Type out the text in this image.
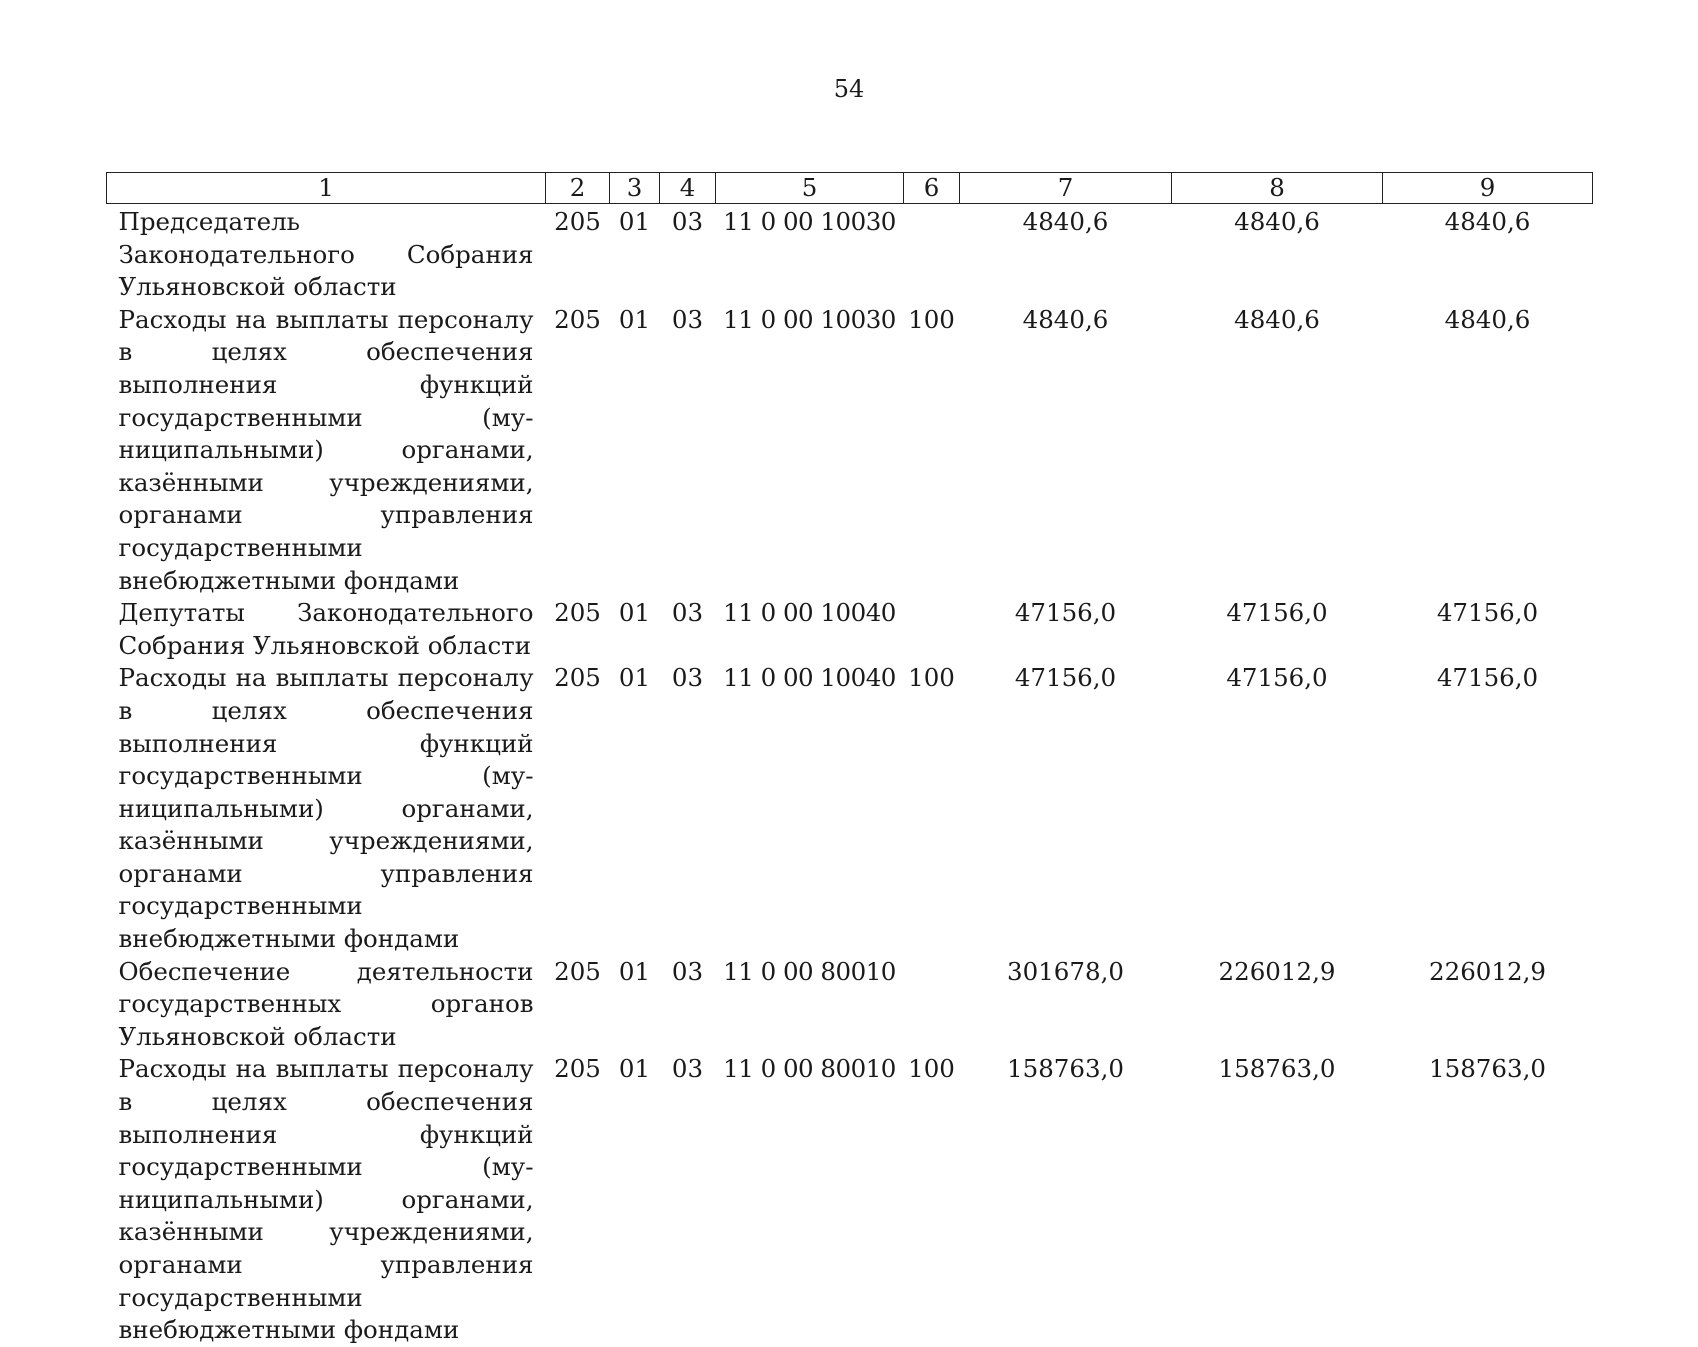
54
1	2	3	4	5	6	7	8	9
Председатель Законодательного Собрания Ульяновской области	205	01	03	11 0 00 10030		4840,6	4840,6	4840,6
Расходы на выплаты персоналу в целях обеспечения выполнения функций государственными (муниципальными) органами, казёнными учреждениями, органами управления государственными внебюджетными фондами	205	01	03	11 0 00 10030	100	4840,6	4840,6	4840,6
Депутаты Законодательного Собрания Ульяновской области	205	01	03	11 0 00 10040		47156,0	47156,0	47156,0
Расходы на выплаты персоналу в целях обеспечения выполнения функций государственными (муниципальными) органами, казёнными учреждениями, органами управления государственными внебюджетными фондами	205	01	03	11 0 00 10040	100	47156,0	47156,0	47156,0
Обеспечение деятельности государственных органов Ульяновской области	205	01	03	11 0 00 80010		301678,0	226012,9	226012,9
Расходы на выплаты персоналу в целях обеспечения выполнения функций государственными (муниципальными) органами, казёнными учреждениями, органами управления государственными внебюджетными фондами	205	01	03	11 0 00 80010	100	158763,0	158763,0	158763,0
